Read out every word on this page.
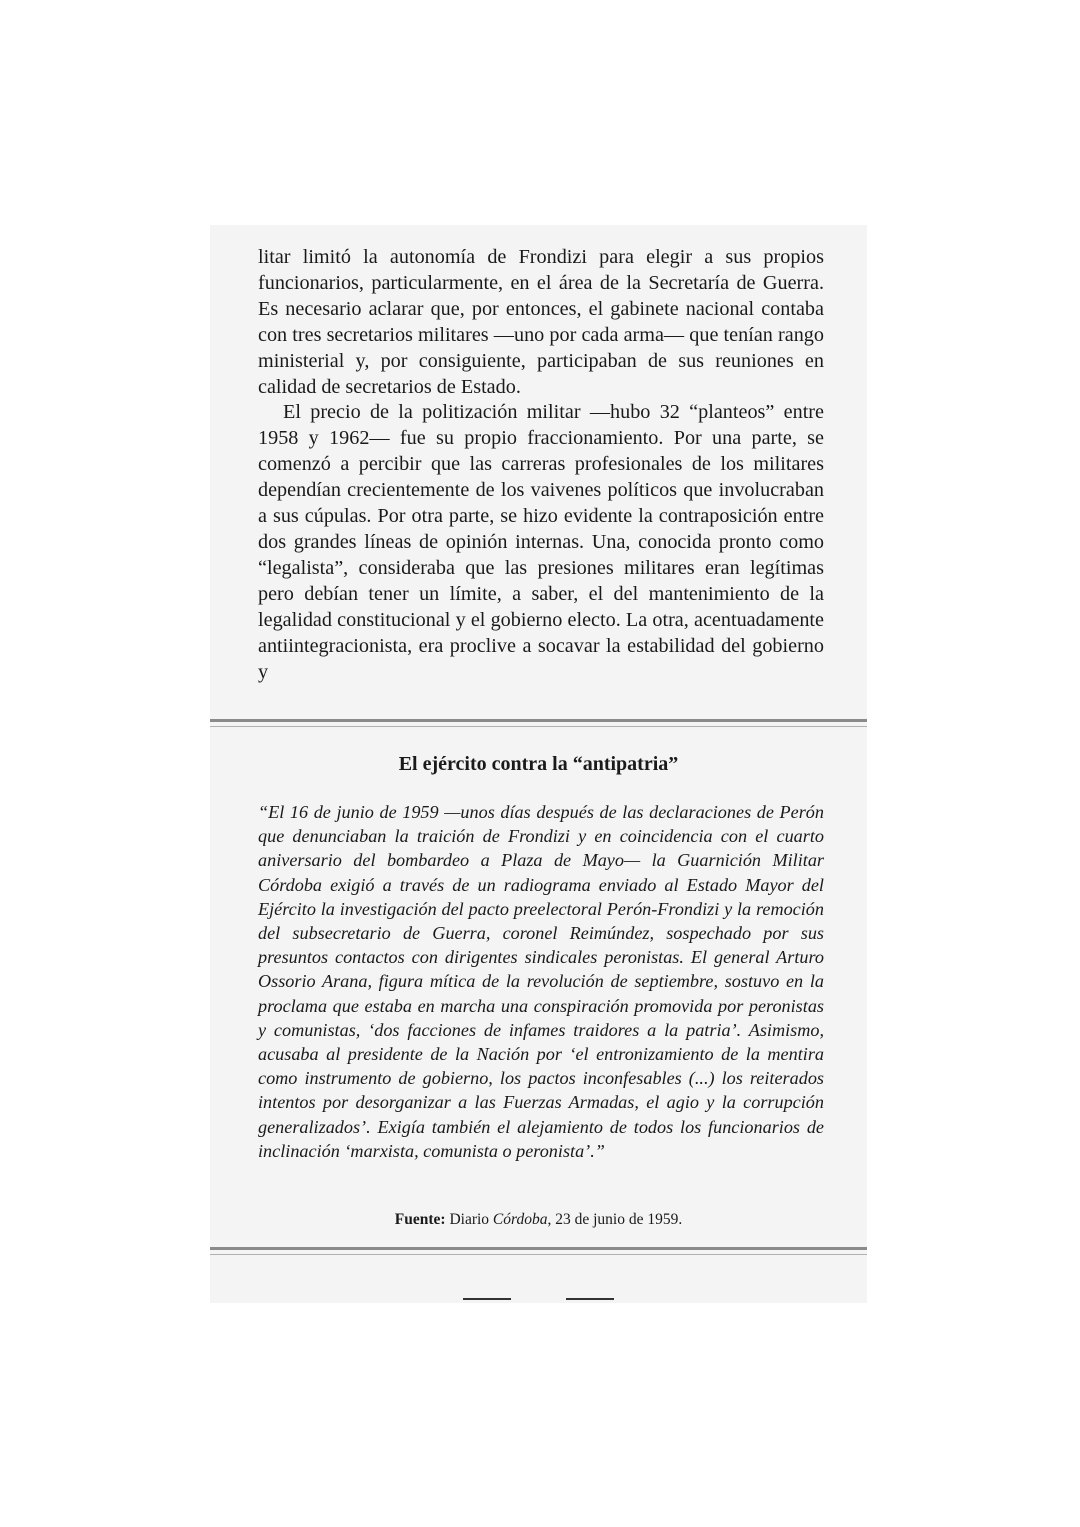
litar limitó la autonomía de Frondizi para elegir a sus propios funcionarios, particularmente, en el área de la Secretaría de Guerra. Es necesario aclarar que, por entonces, el gabinete nacional contaba con tres secretarios militares —uno por cada arma— que tenían rango ministerial y, por consiguiente, participaban de sus reuniones en calidad de secretarios de Estado.

El precio de la politización militar —hubo 32 “planteos” entre 1958 y 1962— fue su propio fraccionamiento. Por una parte, se comenzó a percibir que las carreras profesionales de los militares dependían crecientemente de los vaivenes políticos que involucraban a sus cúpulas. Por otra parte, se hizo evidente la contraposición entre dos grandes líneas de opinión internas. Una, conocida pronto como “legalista”, consideraba que las presiones militares eran legítimas pero debían tener un límite, a saber, el del mantenimiento de la legalidad constitucional y el gobierno electo. La otra, acentuadamente antiintegracionista, era proclive a socavar la estabilidad del gobierno y

El ejército contra la “antipatria”
“El 16 de junio de 1959 —unos días después de las declaraciones de Perón que denunciaban la traición de Frondizi y en coincidencia con el cuarto aniversario del bombardeo a Plaza de Mayo— la Guarnición Militar Córdoba exigió a través de un radiograma enviado al Estado Mayor del Ejército la investigación del pacto preelectoral Perón-Frondizi y la remoción del subsecretario de Guerra, coronel Reimúndez, sospechado por sus presuntos contactos con dirigentes sindicales peronistas. El general Arturo Ossorio Arana, figura mítica de la revolución de septiembre, sostuvo en la proclama que estaba en marcha una conspiración promovida por peronistas y comunistas, ‘dos facciones de infames traidores a la patria’. Asimismo, acusaba al presidente de la Nación por ‘el entronizamiento de la mentira como instrumento de gobierno, los pactos inconfesables (...) los reiterados intentos por desorganizar a las Fuerzas Armadas, el agio y la corrupción generalizados’. Exigía también el alejamiento de todos los funcionarios de inclinación ‘marxista, comunista o peronista’.”
Fuente: Diario Córdoba, 23 de junio de 1959.
